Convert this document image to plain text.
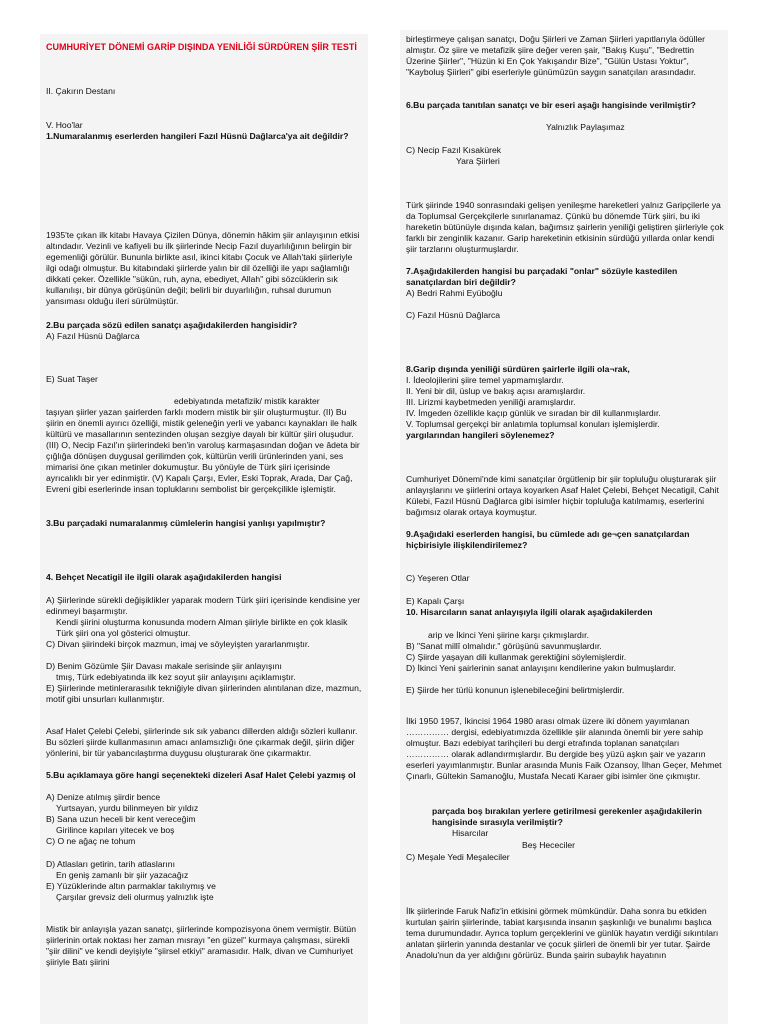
CUMHURİYET DÖNEMİ GARİP DIŞINDA YENİLİĞİ SÜRDÜREN ŞİİR TESTİ
II. Çakırın Destanı
V. Hoo'lar
1.Numaralanmış eserlerden hangileri Fazıl Hüsnü Dağlarca'ya ait değildir?
1935'te çıkan ilk kitabı Havaya Çizilen Dünya, dönemin hâkim şiir anlayışının etkisi altındadır. Vezinli ve kafiyeli bu ilk şiirlerinde Necip Fazıl duyarlılığının belirgin bir egemenliği görülür. Bununla birlikte asıl, ikinci kitabı Çocuk ve Allah'taki şiirleriyle ilgi odağı olmuştur. Bu kitabındaki şiirlerde yalın bir dil özelliği ile yapı sağlamlığı dikkati çeker. Özellikle "sükûn, ruh, ayna, ebediyet, Allah" gibi sözcüklerin sık kullanılışı, bir dünya görüşünün değil; belirli bir duyarlılığın, ruhsal durumun yansıması olduğu ileri sürülmüştür.
2.Bu parçada sözü edilen sanatçı aşağıdakilerden hangisidir?
A) Fazıl Hüsnü Dağlarca
E) Suat Taşer
edebiyatında metafizik/ mistik karakter
taşıyan şiirler yazan şairlerden farklı modern mistik bir şiir oluşturmuştur. (II) Bu şiirin en önemli ayırıcı özelliği, mistik geleneğin yerli ve yabancı kaynakları ile halk kültürü ve masallarının sentezinden oluşan sezgiye dayalı bir kültür şiiri oluşudur. (III) O, Necip Fazıl'ın şiirlerindeki ben'in varoluş karmaşasından doğan ve âdeta bir çığlığa dönüşen duygusal gerilimden çok, kültürün verili ürünlerinden yani, ses mimarisi öne çıkan metinler dokumuştur. Bu yönüyle de Türk şiiri içerisinde ayrıcalıklı bir yer edinmiştir. (V) Kapalı Çarşı, Evler, Eski Toprak, Arada, Dar Çağ, Evreni gibi eserlerinde insan topluklarını sembolist bir gerçekçilikle işlemiştir.
3.Bu parçadaki numaralanmış cümlelerin hangisi yanlışı yapılmıştır?
4. Behçet Necatigil ile ilgili olarak aşağıdakilerden hangisi
A) Şiirlerinde sürekli değişiklikler yaparak modern Türk şiiri içerisinde kendisine yer edinmeyi başarmıştır.
Kendi şiirini oluşturma konusunda modern Alman şiiriyle birlikte en çok klasik Türk şiiri ona yol gösterici olmuştur.
C) Divan şiirindeki birçok mazmun, imaj ve söyleyişten yararlanmıştır.
D) Benim Gözümle Şiir Davası makale serisinde şiir anlayışını
tmış, Türk edebiyatında ilk kez soyut şiir anlayışını açıklamıştır.
E) Şiirlerinde metinlerarasılık tekniğiyle divan şiirlerinden alıntılanan dize, mazmun, motif gibi unsurları kullanmıştır.
Asaf Halet Çelebi Çelebi, şiirlerinde sık sık yabancı dillerden aldığı sözleri kullanır. Bu sözleri şiirde kullanmasının amacı anlamsızlığı öne çıkarmak değil, şiirin diğer yönlerini, bir tür yabancılaştırma duygusu oluşturarak öne çıkarmaktır.
5.Bu açıklamaya göre hangi seçenekteki dizeleri Asaf Halet Çelebi yazmış ol
A) Denize atılmış şiirdir bence
Yurtsayan, yurdu bilinmeyen bir yıldız
B) Sana uzun heceli bir kent vereceğim
Girilince kapıları yitecek ve boş
C) O ne ağaç ne tohum
D) Atlasları getirin, tarih atlaslarını
En geniş zamanlı bir şiir yazacağız
E) Yüzüklerinde altın parmaklar takılıymış ve
Çarşılar grevsiz deli olurmuş yalnızlık işte
Mistik bir anlayışla yazan sanatçı, şiirlerinde kompozisyona önem vermiştir. Bütün şiirlerinin ortak noktası her zaman mısrayı "en güzel" kurmaya çalışması, sürekli "şiir dilini" ve kendi deyişiyle "şiirsel etkiyi" aramasıdır. Halk, divan ve Cumhuriyet şiiriyle Batı şiirini
birleştirmeye çalışan sanatçı, Doğu Şiirleri ve Zaman Şiirleri yapıtlarıyla ödüller almıştır. Öz şiire ve metafizik şiire değer veren şair, "Bakış Kuşu", "Bedrettin Üzerine Şiirler", "Hüzün ki En Çok Yakışandır Bize", "Gülün Ustası Yoktur", "Kayboluş Şiirleri" gibi eserleriyle günümüzün saygın sanatçıları arasındadır.
6.Bu parçada tanıtılan sanatçı ve bir eseri aşağı hangisinde verilmiştir?
Yalnızlık Paylaşımaz
C) Necip Fazıl Kısakürek
Yara Şiirleri
Türk şiirinde 1940 sonrasındaki gelişen yenileşme hareketleri yalnız Garipçilerle ya da Toplumsal Gerçekçilerle sınırlanamaz. Çünkü bu dönemde Türk şiiri, bu iki hareketin bütünüyle dışında kalan, bağımsız şairlerin yeniliği geliştiren şiirleriyle çok farklı bir zenginlik kazanır. Garip hareketinin etkisinin sürdüğü yıllarda onlar kendi şiir tarzlarını oluşturmuşlardır.
7.Aşağıdakilerden hangisi bu parçadaki "onlar" sözüyle kastedilen sanatçılardan biri değildir?
A) Bedri Rahmi Eyüboğlu
C) Fazıl Hüsnü Dağlarca
8.Garip dışında yeniliği sürdüren şairlerle ilgili ola¬rak,
I. İdeolojilerini şiire temel yapmamışlardır.
II. Yeni bir dil, üslup ve bakış açısı aramışlardır.
III. Lirizmi kaybetmeden yeniliği aramışlardır.
IV. İmgeden özellikle kaçıp günlük ve sıradan bir dil kullanmışlardır.
V. Toplumsal gerçekçi bir anlatımla toplumsal konuları işlemişlerdir.
yargılarından hangileri söylenemez?
Cumhuriyet Dönemi'nde kimi sanatçılar örgütlenip bir şiir topluluğu oluşturarak şiir anlayışlarını ve şiirlerini ortaya koyarken Asaf Halet Çelebi, Behçet Necatigil, Cahit Külebi, Fazıl Hüsnü Dağlarca gibi isimler hiçbir topluluğa katılmamış, eserlerini bağımsız olarak ortaya koymuştur.
9.Aşağıdaki eserlerden hangisi, bu cümlede adı ge¬çen sanatçılardan hiçbirisiyle ilişkilendirilemez?
C) Yeşeren Otlar
E) Kapalı Çarşı
10. Hisarcıların sanat anlayışıyla ilgili olarak aşağıdakilerden
arip ve İkinci Yeni şiirine karşı çıkmışlardır.
B) "Sanat millî olmalıdır." görüşünü savunmuşlardır.
C) Şiirde yaşayan dili kullanmak gerektiğini söylemişlerdir.
D) İkinci Yeni şairlerinin sanat anlayışını kendilerine yakın bulmuşlardır.
E) Şiirde her türlü konunun işlenebileceğini belirtmişlerdir.
İlki 1950 1957, İkincisi 1964 1980 arası olmak üzere iki dönem yayımlanan …………… dergisi, edebiyatımızda özellikle şiir alanında önemli bir yere sahip olmuştur. Bazı edebiyat tarihçileri bu dergi etrafında toplanan sanatçıları …………… olarak adlandırmışlardır. Bu dergide beş yüzü aşkın şair ve yazarın eserleri yayımlanmıştır. Bunlar arasında Munis Faik Ozansoy, İlhan Geçer, Mehmet Çınarlı, Gültekin Samanoğlu, Mustafa Necati Karaer gibi isimler öne çıkmıştır.
parçada boş bırakılan yerlere getirilmesi gerekenler aşağıdakilerin hangisinde sırasıyla verilmiştir?
Hisarcılar
Beş Hececiler
C) Meşale Yedi Meşaleciler
İlk şiirlerinde Faruk Nafiz'in etkisini görmek mümkündür. Daha sonra bu etkiden kurtulan şairin şiirlerinde, tabiat karşısında insanın şaşkınlığı ve bunalımı başlıca tema durumundadır. Ayrıca toplum gerçeklerini ve günlük hayatın verdiği sıkıntıları anlatan şiirlerin yanında destanlar ve çocuk şiirleri de önemli bir yer tutar. Şairde Anadolu'nun da yer aldığını görürüz. Bunda şairin subaylık hayatının
